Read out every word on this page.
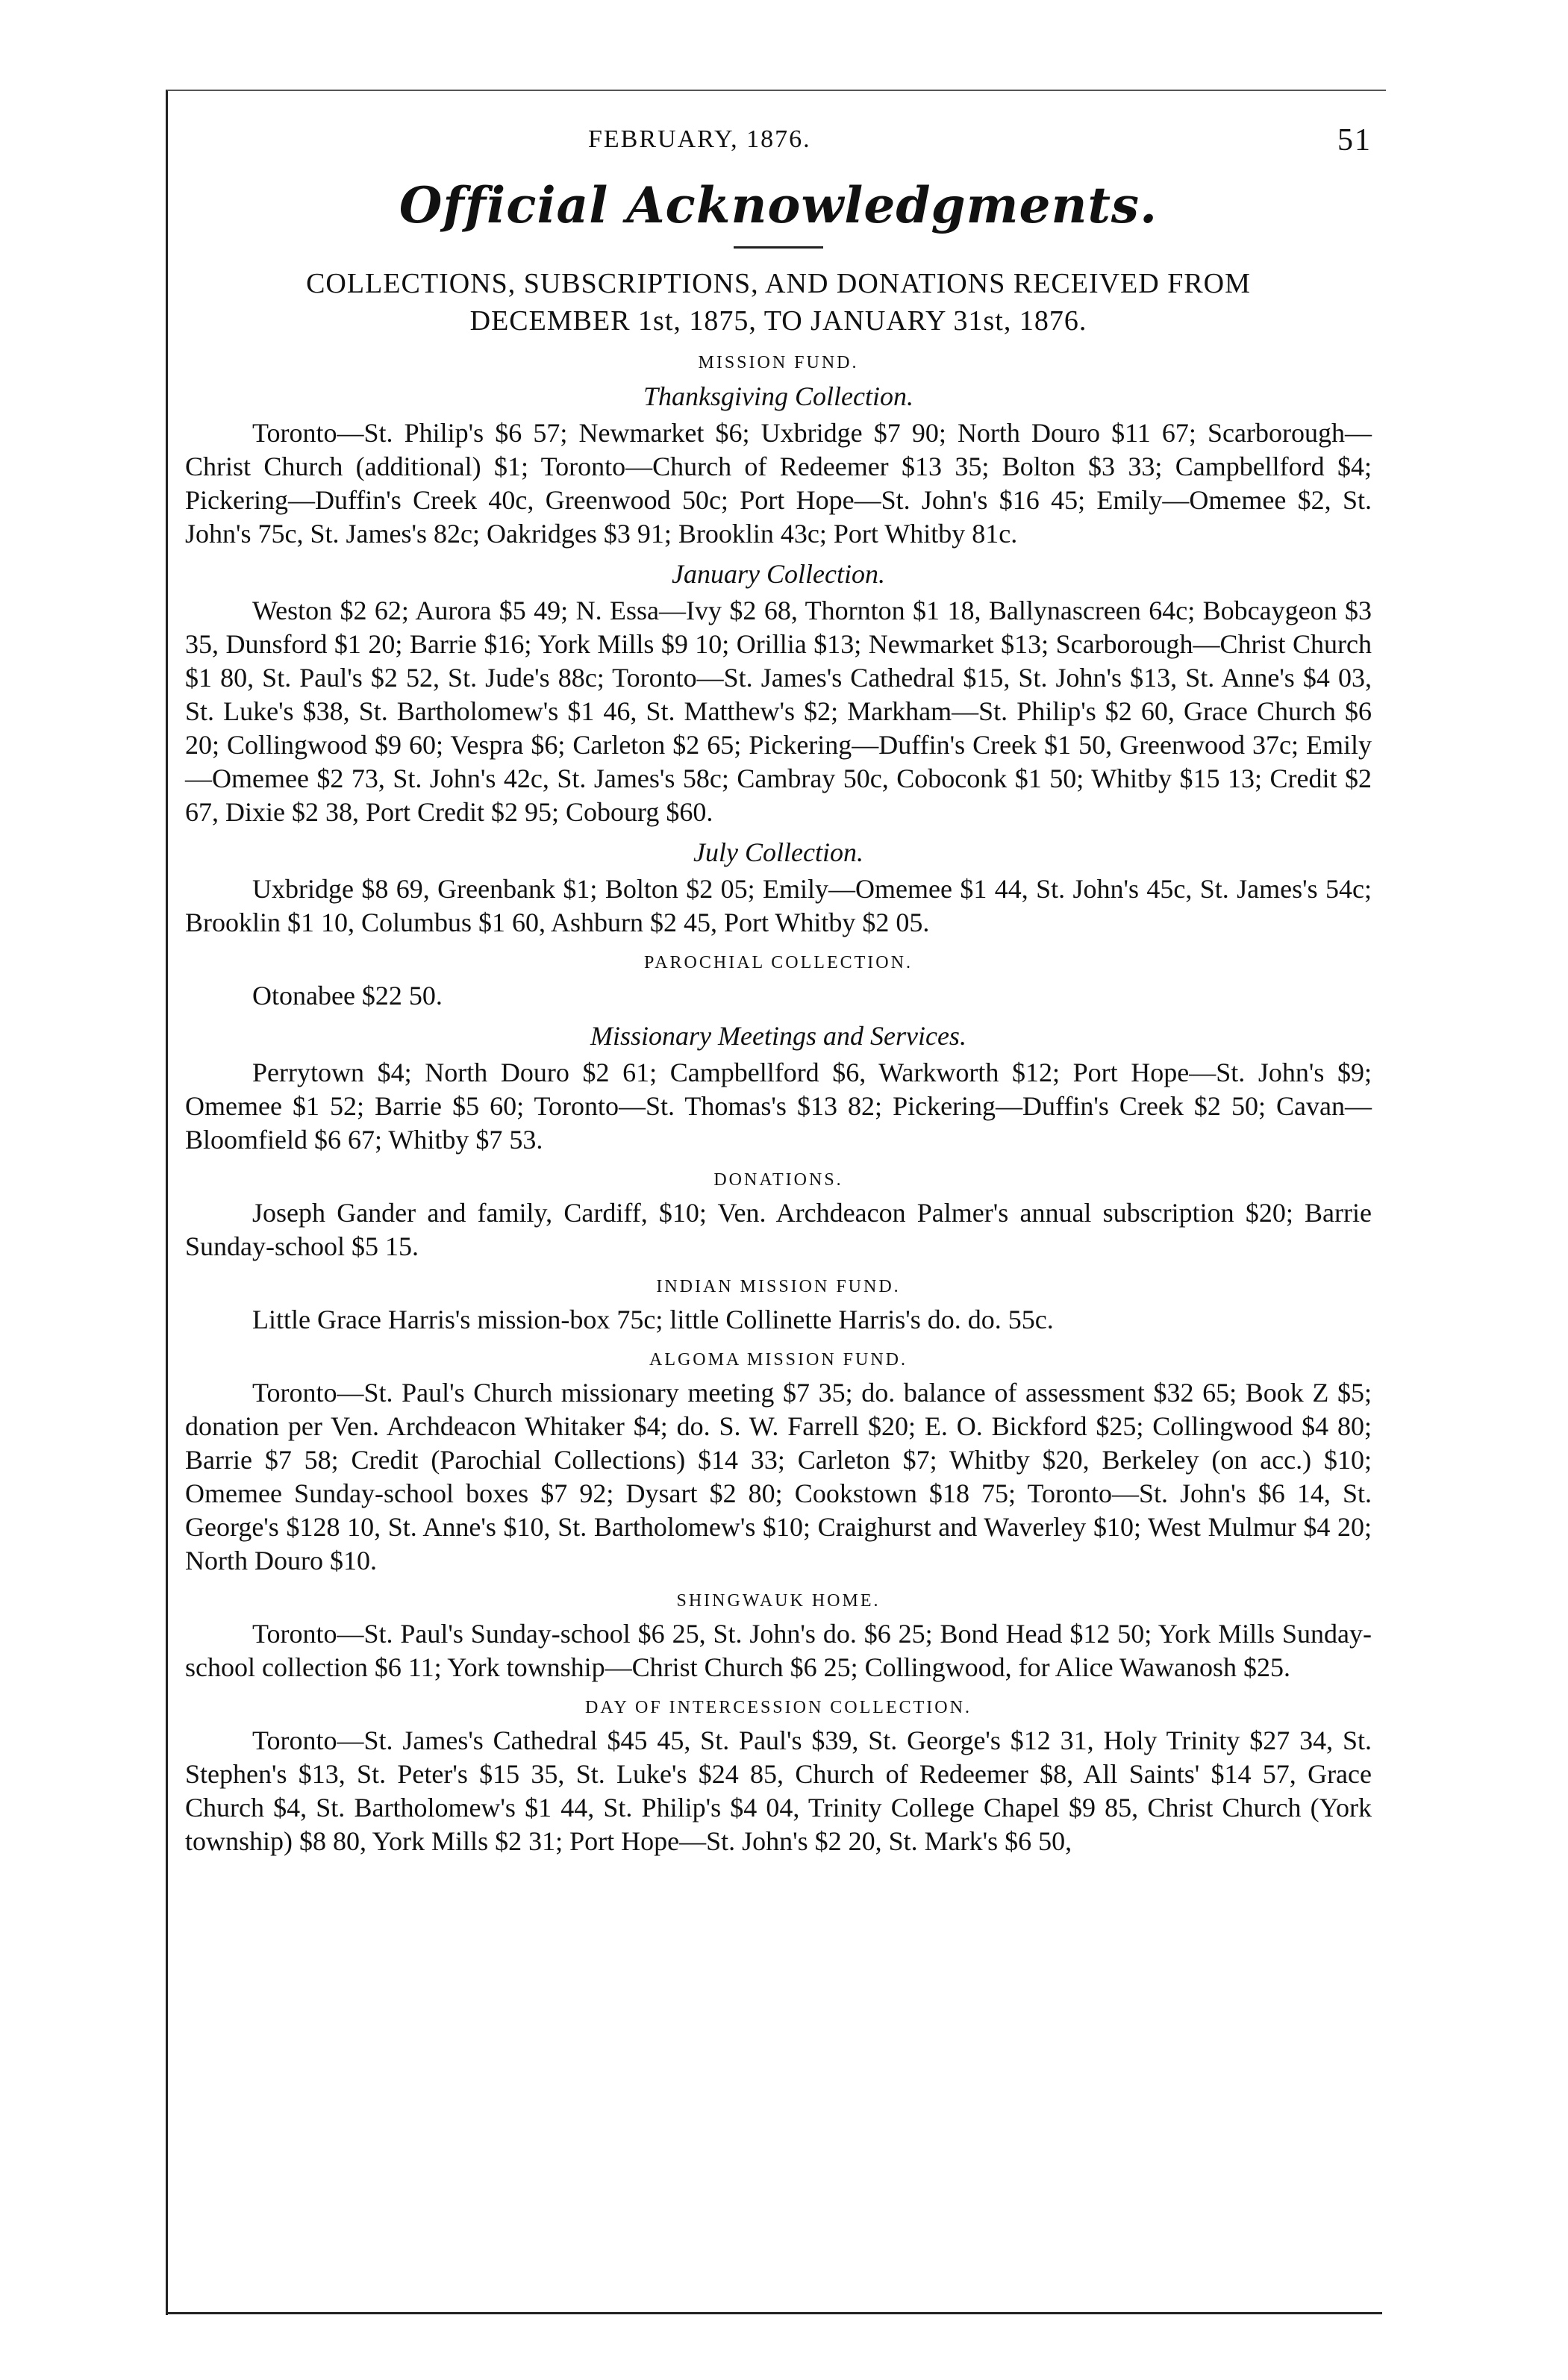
FEBRUARY, 1876.	51
Official Acknowledgments.
COLLECTIONS, SUBSCRIPTIONS, AND DONATIONS RECEIVED FROM
DECEMBER 1st, 1875, TO JANUARY 31st, 1876.
MISSION FUND.
Thanksgiving Collection.

Toronto—St. Philip's $6 57; Newmarket $6; Uxbridge $7 90; North Douro $11 67; Scarborough—Christ Church (additional) $1; Toronto—Church of Redeemer $13 35; Bolton $3 33; Campbellford $4; Pickering—Duffin's Creek 40c, Greenwood 50c; Port Hope—St. John's $16 45; Emily—Omemee $2, St. John's 75c, St. James's 82c; Oakridges $3 91; Brooklin 43c; Port Whitby 81c.

January Collection.

Weston $2 62; Aurora $5 49; N. Essa—Ivy $2 68, Thornton $1 18, Ballynascreen 64c; Bobcaygeon $3 35, Dunsford $1 20; Barrie $16; York Mills $9 10; Orillia $13; Newmarket $13; Scarborough—Christ Church $1 80, St. Paul's $2 52, St. Jude's 88c; Toronto—St. James's Cathedral $15, St. John's $13, St. Anne's $4 03, St. Luke's $38, St. Bartholomew's $1 46, St. Matthew's $2; Markham—St. Philip's $2 60, Grace Church $6 20; Collingwood $9 60; Vespra $6; Carleton $2 65; Pickering—Duffin's Creek $1 50, Greenwood 37c; Emily—Omemee $2 73, St. John's 42c, St. James's 58c; Cambray 50c, Coboconk $1 50; Whitby $15 13; Credit $2 67, Dixie $2 38, Port Credit $2 95; Cobourg $60.

July Collection.

Uxbridge $8 69, Greenbank $1; Bolton $2 05; Emily—Omemee $1 44, St. John's 45c, St. James's 54c; Brooklin $1 10, Columbus $1 60, Ashburn $2 45, Port Whitby $2 05.

PAROCHIAL COLLECTION.

Otonabee $22 50.

Missionary Meetings and Services.

Perrytown $4; North Douro $2 61; Campbellford $6, Warkworth $12; Port Hope—St. John's $9; Omemee $1 52; Barrie $5 60; Toronto—St. Thomas's $13 82; Pickering—Duffin's Creek $2 50; Cavan—Bloomfield $6 67; Whitby $7 53.

DONATIONS.

Joseph Gander and family, Cardiff, $10; Ven. Archdeacon Palmer's annual subscription $20; Barrie Sunday-school $5 15.

INDIAN MISSION FUND.

Little Grace Harris's mission-box 75c; little Collinette Harris's do. do. 55c.

ALGOMA MISSION FUND.

Toronto—St. Paul's Church missionary meeting $7 35; do. balance of assessment $32 65; Book Z $5; donation per Ven. Archdeacon Whitaker $4; do. S. W. Farrell $20; E. O. Bickford $25; Collingwood $4 80; Barrie $7 58; Credit (Parochial Collections) $14 33; Carleton $7; Whitby $20, Berkeley (on acc.) $10; Omemee Sunday-school boxes $7 92; Dysart $2 80; Cookstown $18 75; Toronto—St. John's $6 14, St. George's $128 10, St. Anne's $10, St. Bartholomew's $10; Craighurst and Waverley $10; West Mulmur $4 20; North Douro $10.

SHINGWAUK HOME.

Toronto—St. Paul's Sunday-school $6 25, St. John's do. $6 25; Bond Head $12 50; York Mills Sunday-school collection $6 11; York township—Christ Church $6 25; Collingwood, for Alice Wawanosh $25.

DAY OF INTERCESSION COLLECTION.

Toronto—St. James's Cathedral $45 45, St. Paul's $39, St. George's $12 31, Holy Trinity $27 34, St. Stephen's $13, St. Peter's $15 35, St. Luke's $24 85, Church of Redeemer $8, All Saints' $14 57, Grace Church $4, St. Bartholomew's $1 44, St. Philip's $4 04, Trinity College Chapel $9 85, Christ Church (York township) $8 80, York Mills $2 31; Port Hope—St. John's $2 20, St. Mark's $6 50,
